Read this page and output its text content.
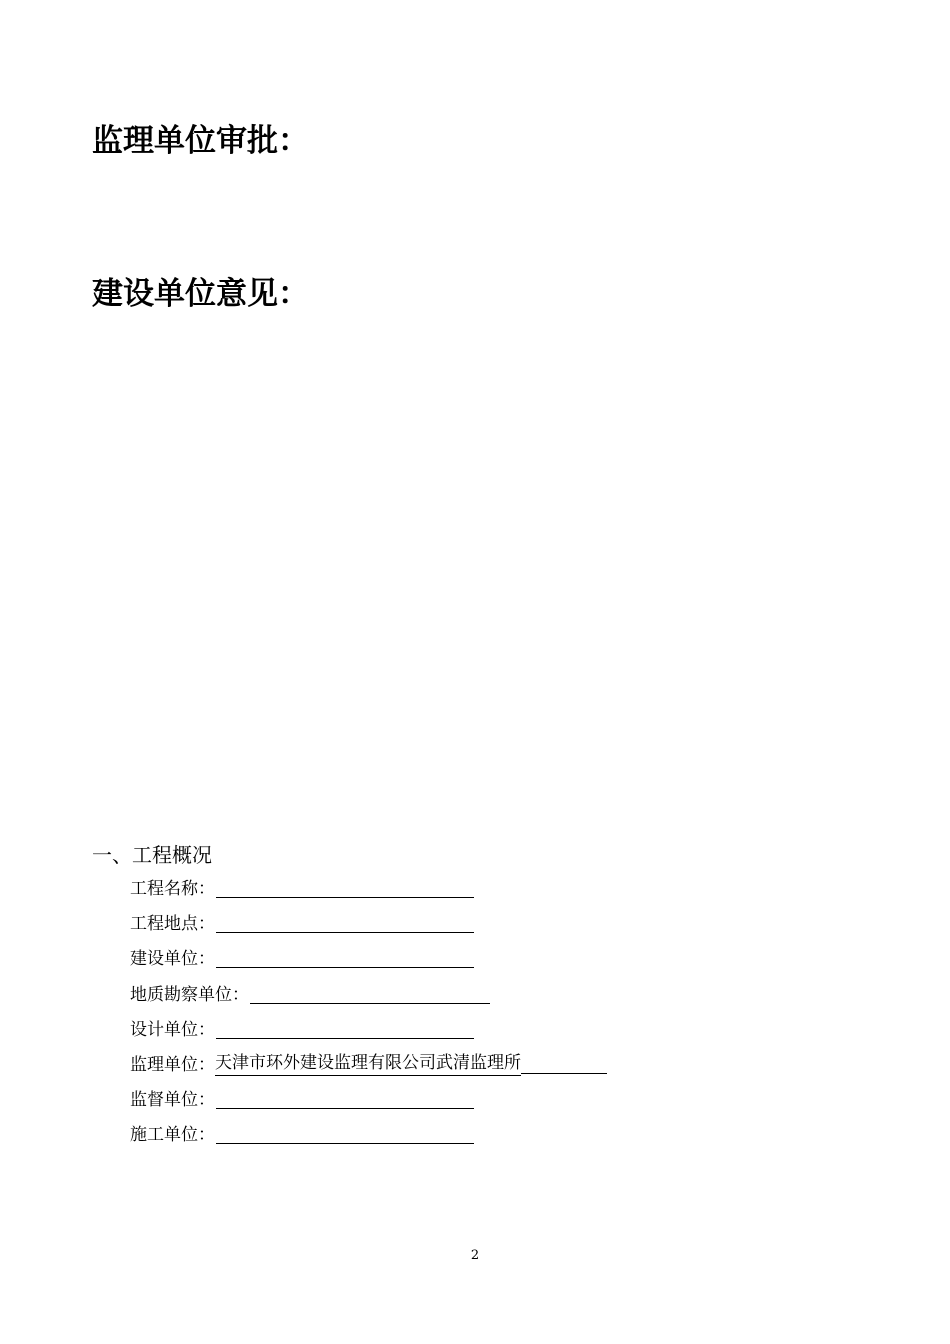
监理单位审批：
建设单位意见：
一、工程概况
工程名称：
工程地点：
建设单位：
地质勘察单位：
设计单位：
监理单位： 天津市环外建设监理有限公司武清监理所
监督单位：
施工单位：
2
